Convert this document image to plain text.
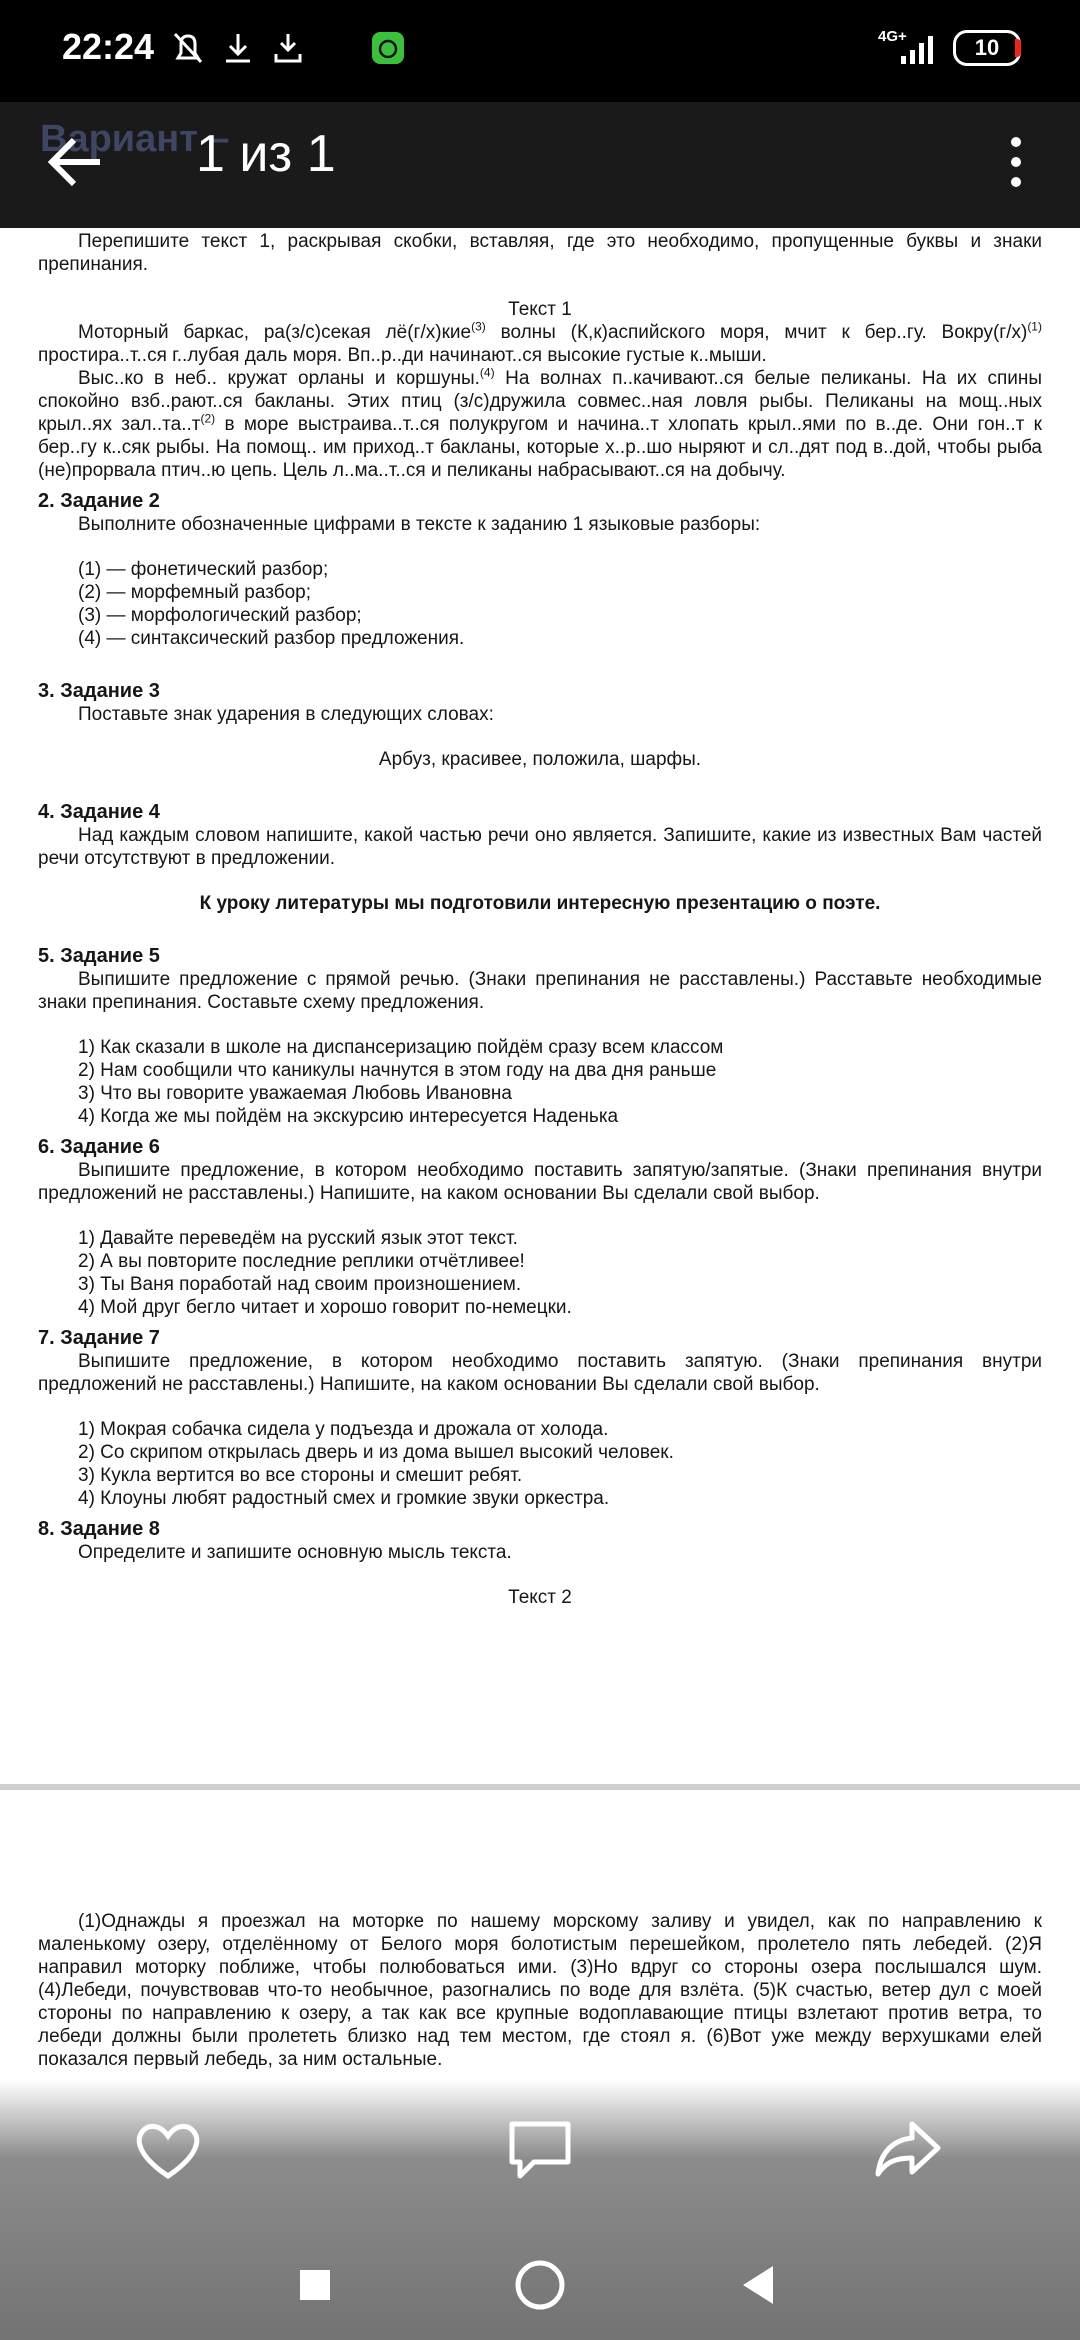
22:24	4G+	10
Вариант –
1 из 1
Перепишите текст 1, раскрывая скобки, вставляя, где это необходимо, пропущенные буквы и знаки препинания.
Текст 1
Моторный баркас, ра(з/с)секая лё(г/х)кие$^{(3)}$ волны (К,к)аспийского моря, мчит к бер..гу. $Вокру(г/х)^{(1)}$ простира..т..ся г..лубая даль моря. Вп..р..ди начинают..ся высокие густые к..мыши.
Выс..ко в неб.. кружат орланы и коршуны.$^{(4)}$ На волнах п..качивают..ся белые пеликаны. На их спины спокойно взб..рают..ся бакланы. Этих птиц (з/с)дружила совмес..ная ловля рыбы. Пеликаны на мощ..ных крыл..ях $зал..та..т^{(2)}$ в море выстраива..т..ся полукругом и начина..т хлопать крыл..ями по в..де. Они гон..т к бер..гу к..сяк рыбы. На помощ.. им приход..т бакланы, которые х..р..шо ныряют и сл..дят под в..дой, чтобы рыба (не)прорвала птич..ю цепь. Цель л..ма..т..ся и пеликаны набрасывают..ся на добычу.
2. Задание 2
Выполните обозначенные цифрами в тексте к заданию 1 языковые разборы:
(1) — фонетический разбор;
(2) — морфемный разбор;
(3) — морфологический разбор;
(4) — синтаксический разбор предложения.
3. Задание 3
Поставьте знак ударения в следующих словах:
Арбуз, красивее, положила, шарфы.
4. Задание 4
Над каждым словом напишите, какой частью речи оно является. Запишите, какие из известных Вам частей речи отсутствуют в предложении.
К уроку литературы мы подготовили интересную презентацию о поэте.
5. Задание 5
Выпишите предложение с прямой речью. (Знаки препинания не расставлены.) Расставьте необходимые знаки препинания. Составьте схему предложения.
1) Как сказали в школе на диспансеризацию пойдём сразу всем классом
2) Нам сообщили что каникулы начнутся в этом году на два дня раньше
3) Что вы говорите уважаемая Любовь Ивановна
4) Когда же мы пойдём на экскурсию интересуется Наденька
6. Задание 6
Выпишите предложение, в котором необходимо поставить запятую/запятые. (Знаки препинания внутри предложений не расставлены.) Напишите, на каком основании Вы сделали свой выбор.
1) Давайте переведём на русский язык этот текст.
2) А вы повторите последние реплики отчётливее!
3) Ты Ваня поработай над своим произношением.
4) Мой друг бегло читает и хорошо говорит по-немецки.
7. Задание 7
Выпишите предложение, в котором необходимо поставить запятую. (Знаки препинания внутри предложений не расставлены.) Напишите, на каком основании Вы сделали свой выбор.
1) Мокрая собачка сидела у подъезда и дрожала от холода.
2) Со скрипом открылась дверь и из дома вышел высокий человек.
3) Кукла вертится во все стороны и смешит ребят.
4) Клоуны любят радостный смех и громкие звуки оркестра.
8. Задание 8
Определите и запишите основную мысль текста.
Текст 2
(1)Однажды я проезжал на моторке по нашему морскому заливу и увидел, как по направлению к маленькому озеру, отделённому от Белого моря болотистым перешейком, пролетело пять лебедей. (2)Я направил моторку поближе, чтобы полюбоваться ими. (3)Но вдруг со стороны озера послышался шум. (4)Лебеди, почувствовав что-то необычное, разогнались по воде для взлёта. (5)К счастью, ветер дул с моей стороны по направлению к озеру, а так как все крупные водоплавающие птицы взлетают против ветра, то лебеди должны были пролететь близко над тем местом, где стоял я. (6)Вот уже между верхушками елей показался первый лебедь, за ним остальные.
